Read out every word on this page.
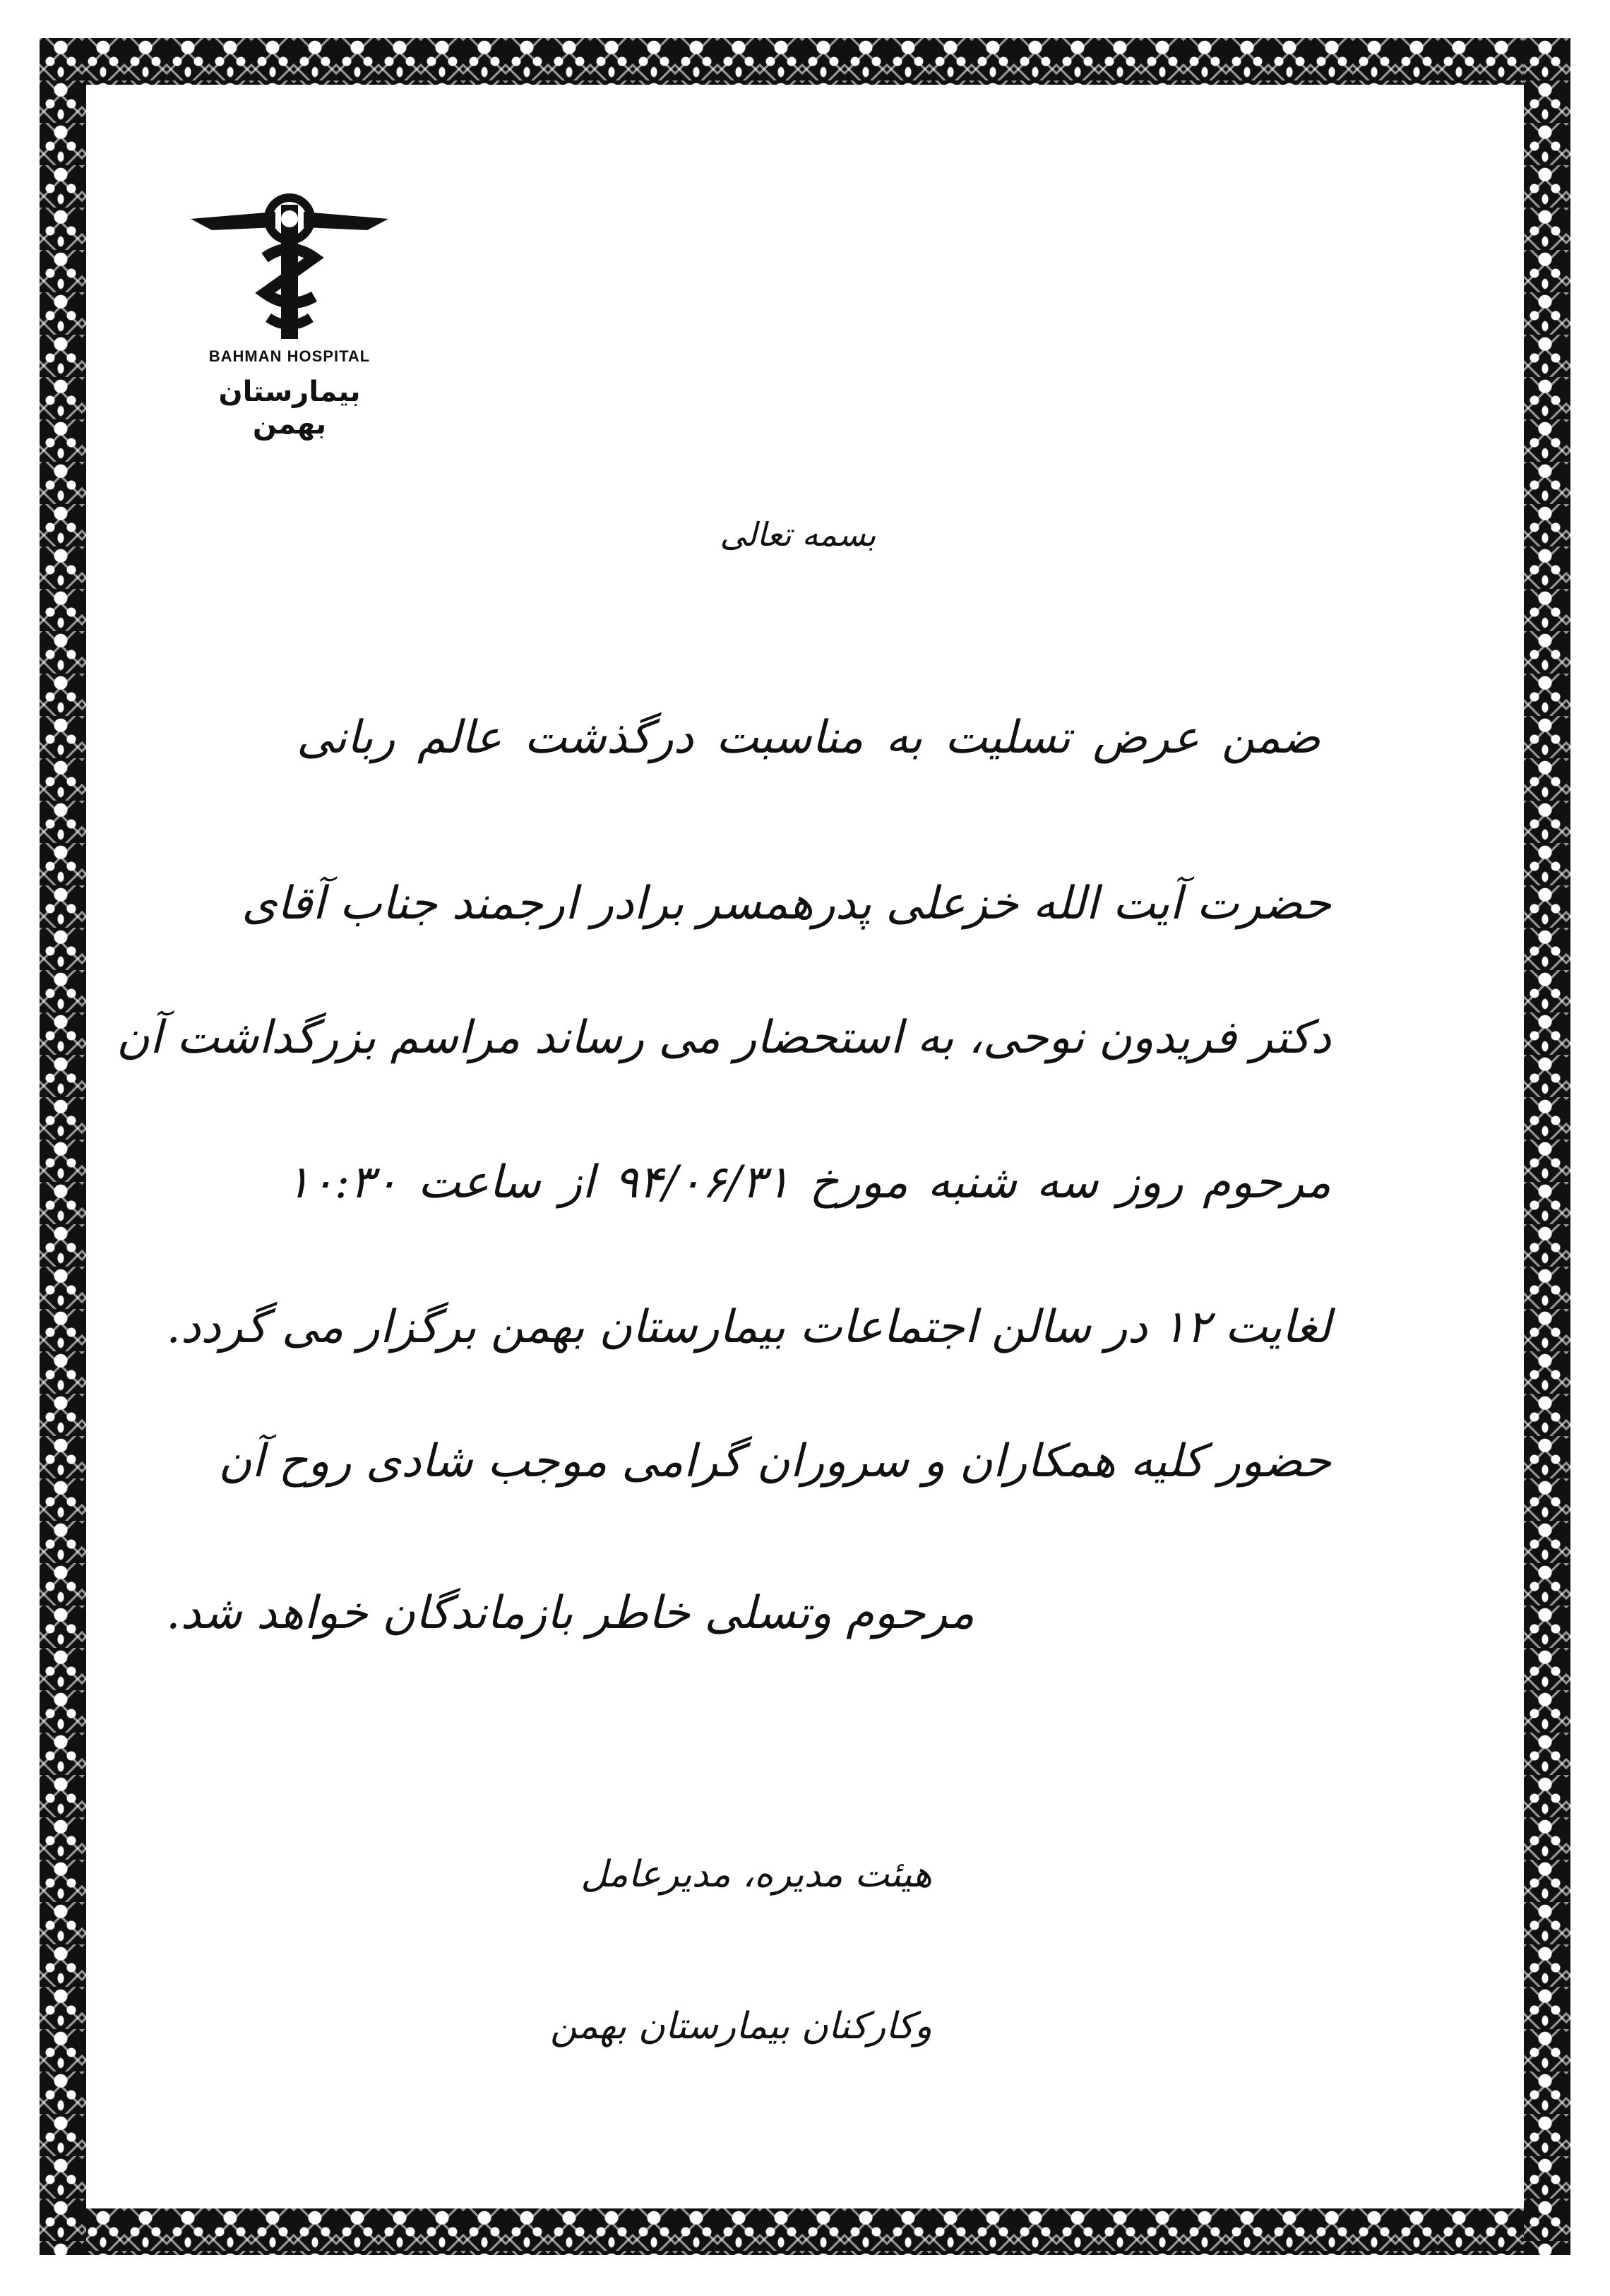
BAHMAN HOSPITAL
بیمارستان بهمن
بسمه تعالی
ضمن عرض تسلیت به مناسبت درگذشت عالم ربانی
حضرت آیت الله خزعلی پدرهمسر برادر ارجمند جناب آقای
دکتر فریدون نوحی، به استحضار می رساند مراسم بزرگداشت آن
مرحوم روز سه شنبه مورخ ۹۴/۰۶/۳۱ از ساعت ۱۰:۳۰
لغایت ۱۲ در سالن اجتماعات بیمارستان بهمن برگزار می گردد.
حضور کلیه همکاران و سروران گرامی موجب شادی روح آن
مرحوم وتسلی خاطر بازماندگان خواهد شد.
هیئت مدیره، مدیرعامل
وکارکنان بیمارستان بهمن
